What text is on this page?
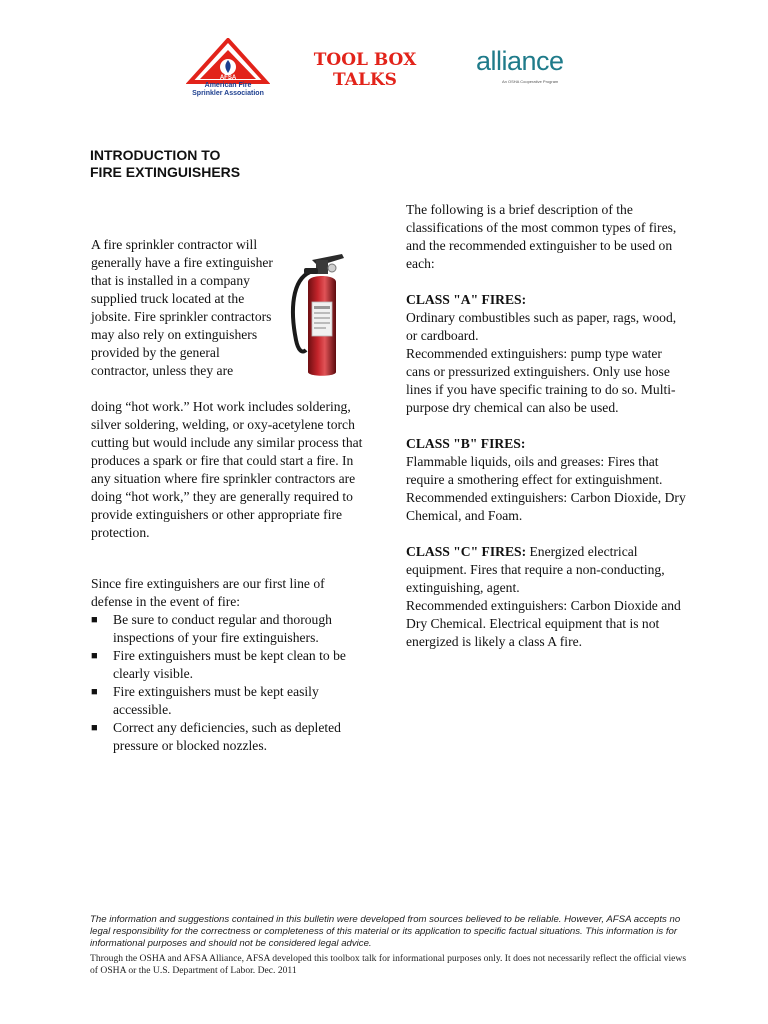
AFSA
American Fire
Sprinkler Association
TOOL BOX
TALKS
alliance
An OSHA Cooperative Program
INTRODUCTION TO
FIRE EXTINGUISHERS
A fire sprinkler contractor will generally have a fire extinguisher that is installed in a company supplied truck located at the jobsite. Fire sprinkler contractors may also rely on extinguishers provided by the general contractor, unless they are
doing “hot work.” Hot work includes soldering, silver soldering, welding, or oxy-acetylene torch cutting but would include any similar process that produces a spark or fire that could start a fire. In any situation where fire sprinkler contractors are doing “hot work,” they are generally required to provide extinguishers or other appropriate fire protection.
Since fire extinguishers are our first line of defense in the event of fire:
■ Be sure to conduct regular and thorough inspections of your fire extinguishers.
■ Fire extinguishers must be kept clean to be clearly visible.
■ Fire extinguishers must be kept easily accessible.
■ Correct any deficiencies, such as depleted pressure or blocked nozzles.

The following is a brief description of the classifications of the most common types of fires, and the recommended extinguisher to be used on each:

CLASS "A" FIRES:

Ordinary combustibles such as paper, rags, wood, or cardboard.

Recommended extinguishers: pump type water cans or pressurized extinguishers. Only use hose lines if you have specific training to do so. Multi-purpose dry chemical can also be used.

CLASS "B" FIRES:

Flammable liquids, oils and greases: Fires that require a smothering effect for extinguishment.

Recommended extinguishers: Carbon Dioxide, Dry Chemical, and Foam.

CLASS "C" FIRES: Energized electrical equipment. Fires that require a non-conducting, extinguishing, agent.

Recommended extinguishers: Carbon Dioxide and Dry Chemical. Electrical equipment that is not energized is likely a class A fire.

The information and suggestions contained in this bulletin were developed from sources believed to be reliable. However, AFSA accepts no legal responsibility for the correctness or completeness of this material or its application to specific factual situations. This information is for informational purposes and should not be considered legal advice.
Through the OSHA and AFSA Alliance, AFSA developed this toolbox talk for informational purposes only. It does not necessarily reflect the official views of OSHA or the U.S. Department of Labor. Dec. 2011
